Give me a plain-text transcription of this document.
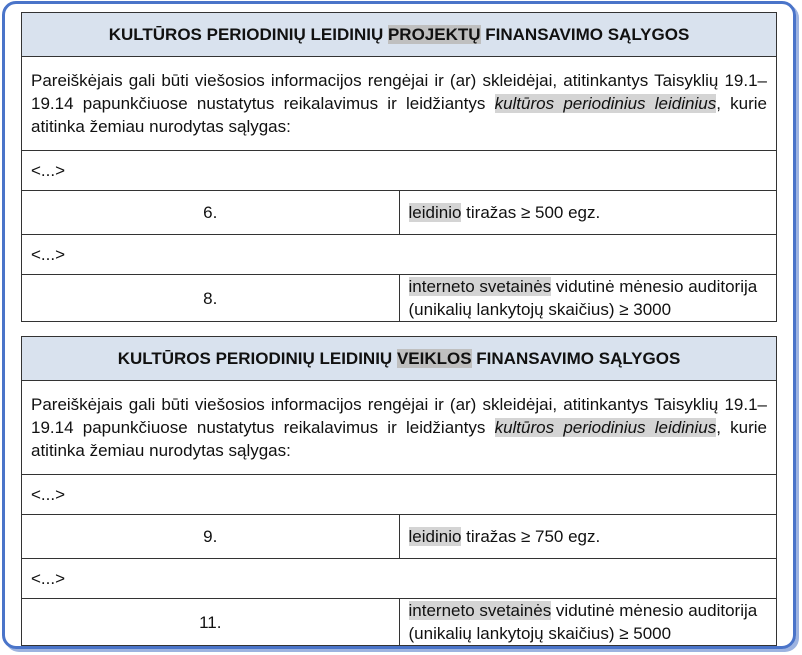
KULTŪROS PERIODINIŲ LEIDINIŲ PROJEKTŲ FINANSAVIMO SĄLYGOS	

Pareiškėjais gali būti viešosios informacijos rengėjai ir (ar) skleidėjai, atitinkantys Taisyklių 19.1–19.14 papunkčiuose nustatytus reikalavimus ir leidžiantys kultūros periodinius leidinius, kurie atitinka žemiau nurodytas sąlygas:	

<...>	
6.	leidinio tiražas ≥ 500 egz.
<...>	
8.	interneto svetainės vidutinė mėnesio auditorija (unikalių lankytojų skaičius) ≥ 3000
KULTŪROS PERIODINIŲ LEIDINIŲ VEIKLOS FINANSAVIMO SĄLYGOS	

Pareiškėjais gali būti viešosios informacijos rengėjai ir (ar) skleidėjai, atitinkantys Taisyklių 19.1–19.14 papunkčiuose nustatytus reikalavimus ir leidžiantys kultūros periodinius leidinius, kurie atitinka žemiau nurodytas sąlygas:	

<...>	
9.	leidinio tiražas ≥ 750 egz.
<...>	
11.	interneto svetainės vidutinė mėnesio auditorija (unikalių lankytojų skaičius) ≥ 5000
